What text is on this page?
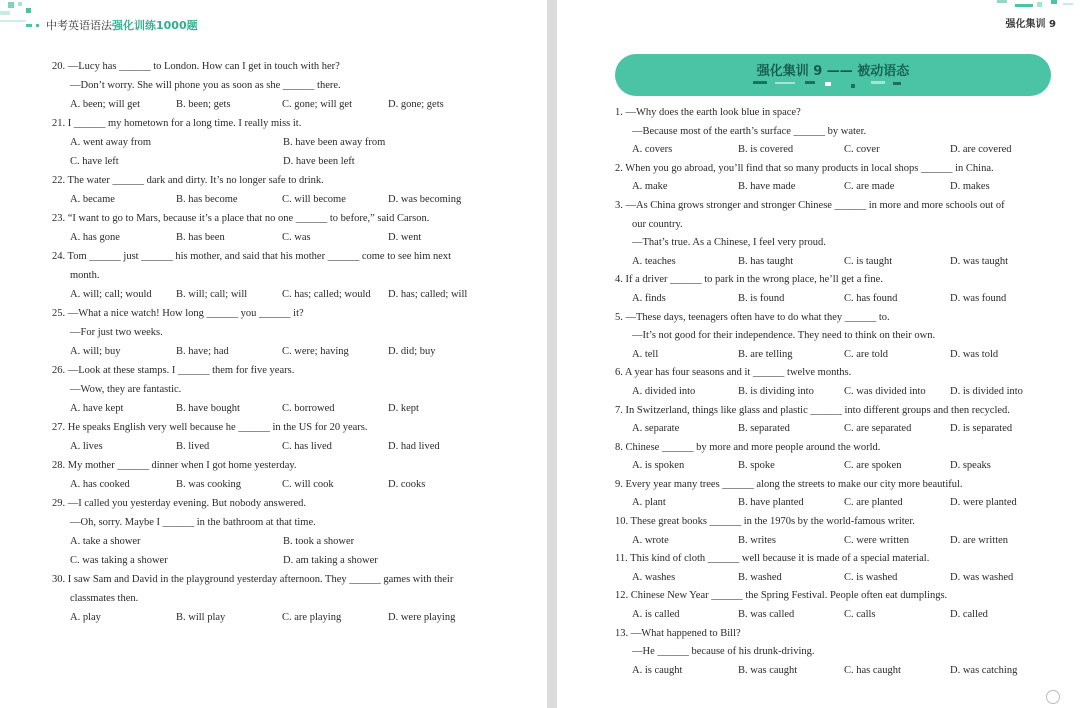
中考英语语法强化训练1000题
20. —Lucy has ______ to London. How can I get in touch with her?
—Don’t worry. She will phone you as soon as she ______ there.
A. been; will get	B. been; gets	C. gone; will get	D. gone; gets
21. I ______ my hometown for a long time. I really miss it.
A. went away from	B. have been away from
C. have left	D. have been left
22. The water ______ dark and dirty. It’s no longer safe to drink.
A. became	B. has become	C. will become	D. was becoming
23. “I want to go to Mars, because it’s a place that no one ______ to before,” said Carson.
A. has gone	B. has been	C. was	D. went
24. Tom ______ just ______ his mother, and said that his mother ______ come to see him next
month.
A. will; call; would	B. will; call; will	C. has; called; would	D. has; called; will
25. —What a nice watch! How long ______ you ______ it?
—For just two weeks.
A. will; buy	B. have; had	C. were; having	D. did; buy
26. —Look at these stamps. I ______ them for five years.
—Wow, they are fantastic.
A. have kept	B. have bought	C. borrowed	D. kept
27. He speaks English very well because he ______ in the US for 20 years.
A. lives	B. lived	C. has lived	D. had lived
28. My mother ______ dinner when I got home yesterday.
A. has cooked	B. was cooking	C. will cook	D. cooks
29. —I called you yesterday evening. But nobody answered.
—Oh, sorry. Maybe I ______ in the bathroom at that time.
A. take a shower	B. took a shower
C. was taking a shower	D. am taking a shower
30. I saw Sam and David in the playground yesterday afternoon. They ______ games with their
classmates then.
A. play	B. will play	C. are playing	D. were playing
强化集训 9
强化集训 9 —— 被动语态
1. —Why does the earth look blue in space?
—Because most of the earth’s surface ______ by water.
A. covers	B. is covered	C. cover	D. are covered
2. When you go abroad, you’ll find that so many products in local shops ______ in China.
A. make	B. have made	C. are made	D. makes
3. —As China grows stronger and stronger Chinese ______ in more and more schools out of
our country.
—That’s true. As a Chinese, I feel very proud.
A. teaches	B. has taught	C. is taught	D. was taught
4. If a driver ______ to park in the wrong place, he’ll get a fine.
A. finds	B. is found	C. has found	D. was found
5. —These days, teenagers often have to do what they ______ to.
—It’s not good for their independence. They need to think on their own.
A. tell	B. are telling	C. are told	D. was told
6. A year has four seasons and it ______ twelve months.
A. divided into	B. is dividing into	C. was divided into	D. is divided into
7. In Switzerland, things like glass and plastic ______ into different groups and then recycled.
A. separate	B. separated	C. are separated	D. is separated
8. Chinese ______ by more and more people around the world.
A. is spoken	B. spoke	C. are spoken	D. speaks
9. Every year many trees ______ along the streets to make our city more beautiful.
A. plant	B. have planted	C. are planted	D. were planted
10. These great books ______ in the 1970s by the world-famous writer.
A. wrote	B. writes	C. were written	D. are written
11. This kind of cloth ______ well because it is made of a special material.
A. washes	B. washed	C. is washed	D. was washed
12. Chinese New Year ______ the Spring Festival. People often eat dumplings.
A. is called	B. was called	C. calls	D. called
13. —What happened to Bill?
—He ______ because of his drunk-driving.
A. is caught	B. was caught	C. has caught	D. was catching
